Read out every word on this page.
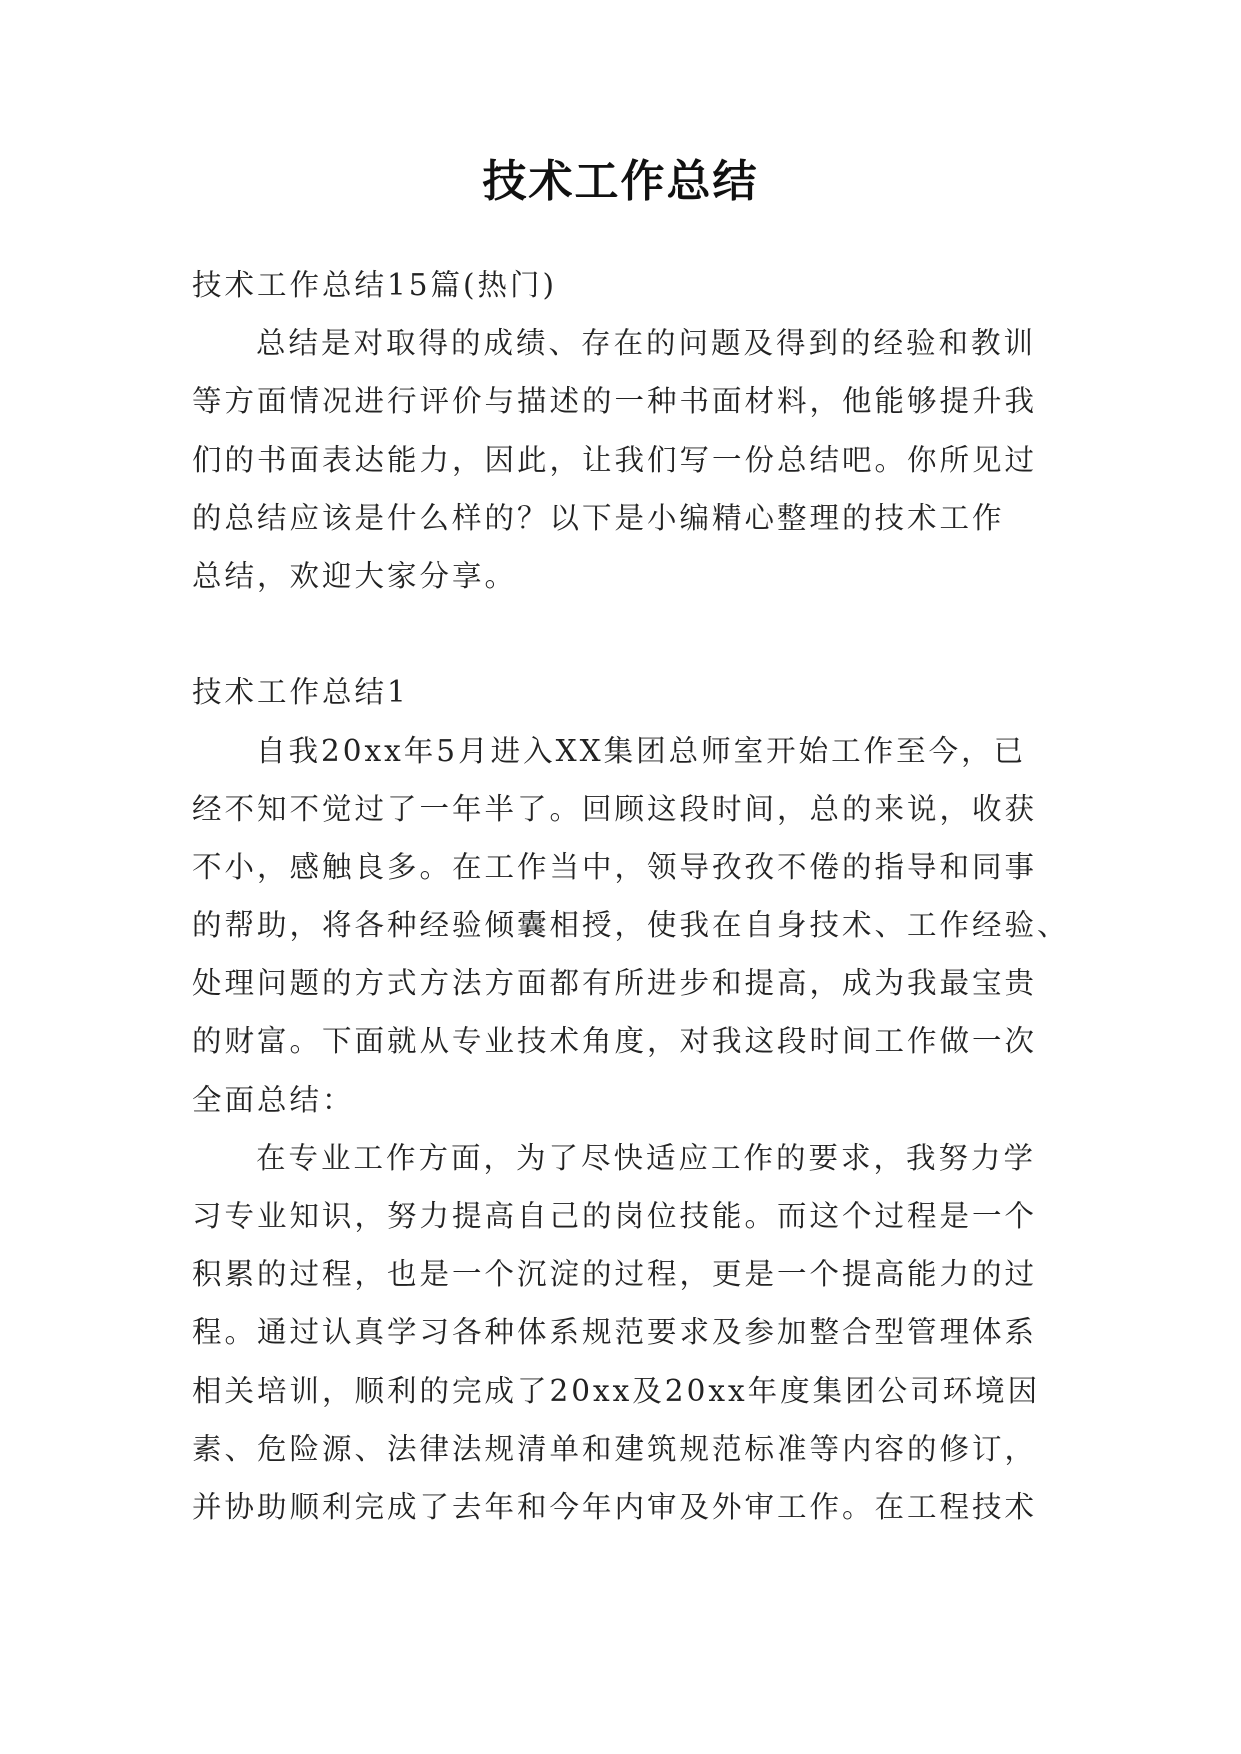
技术工作总结
技术工作总结15篇(热门)
总结是对取得的成绩、存在的问题及得到的经验和教训
等方面情况进行评价与描述的一种书面材料，他能够提升我
们的书面表达能力，因此，让我们写一份总结吧。你所见过
的总结应该是什么样的？以下是小编精心整理的技术工作
总结，欢迎大家分享。
技术工作总结1
自我20xx年5月进入XX集团总师室开始工作至今，已
经不知不觉过了一年半了。回顾这段时间，总的来说，收获
不小，感触良多。在工作当中，领导孜孜不倦的指导和同事
的帮助，将各种经验倾囊相授，使我在自身技术、工作经验、
处理问题的方式方法方面都有所进步和提高，成为我最宝贵
的财富。下面就从专业技术角度，对我这段时间工作做一次
全面总结：
在专业工作方面，为了尽快适应工作的要求，我努力学
习专业知识，努力提高自己的岗位技能。而这个过程是一个
积累的过程，也是一个沉淀的过程，更是一个提高能力的过
程。通过认真学习各种体系规范要求及参加整合型管理体系
相关培训，顺利的完成了20xx及20xx年度集团公司环境因
素、危险源、法律法规清单和建筑规范标准等内容的修订，
并协助顺利完成了去年和今年内审及外审工作。在工程技术
